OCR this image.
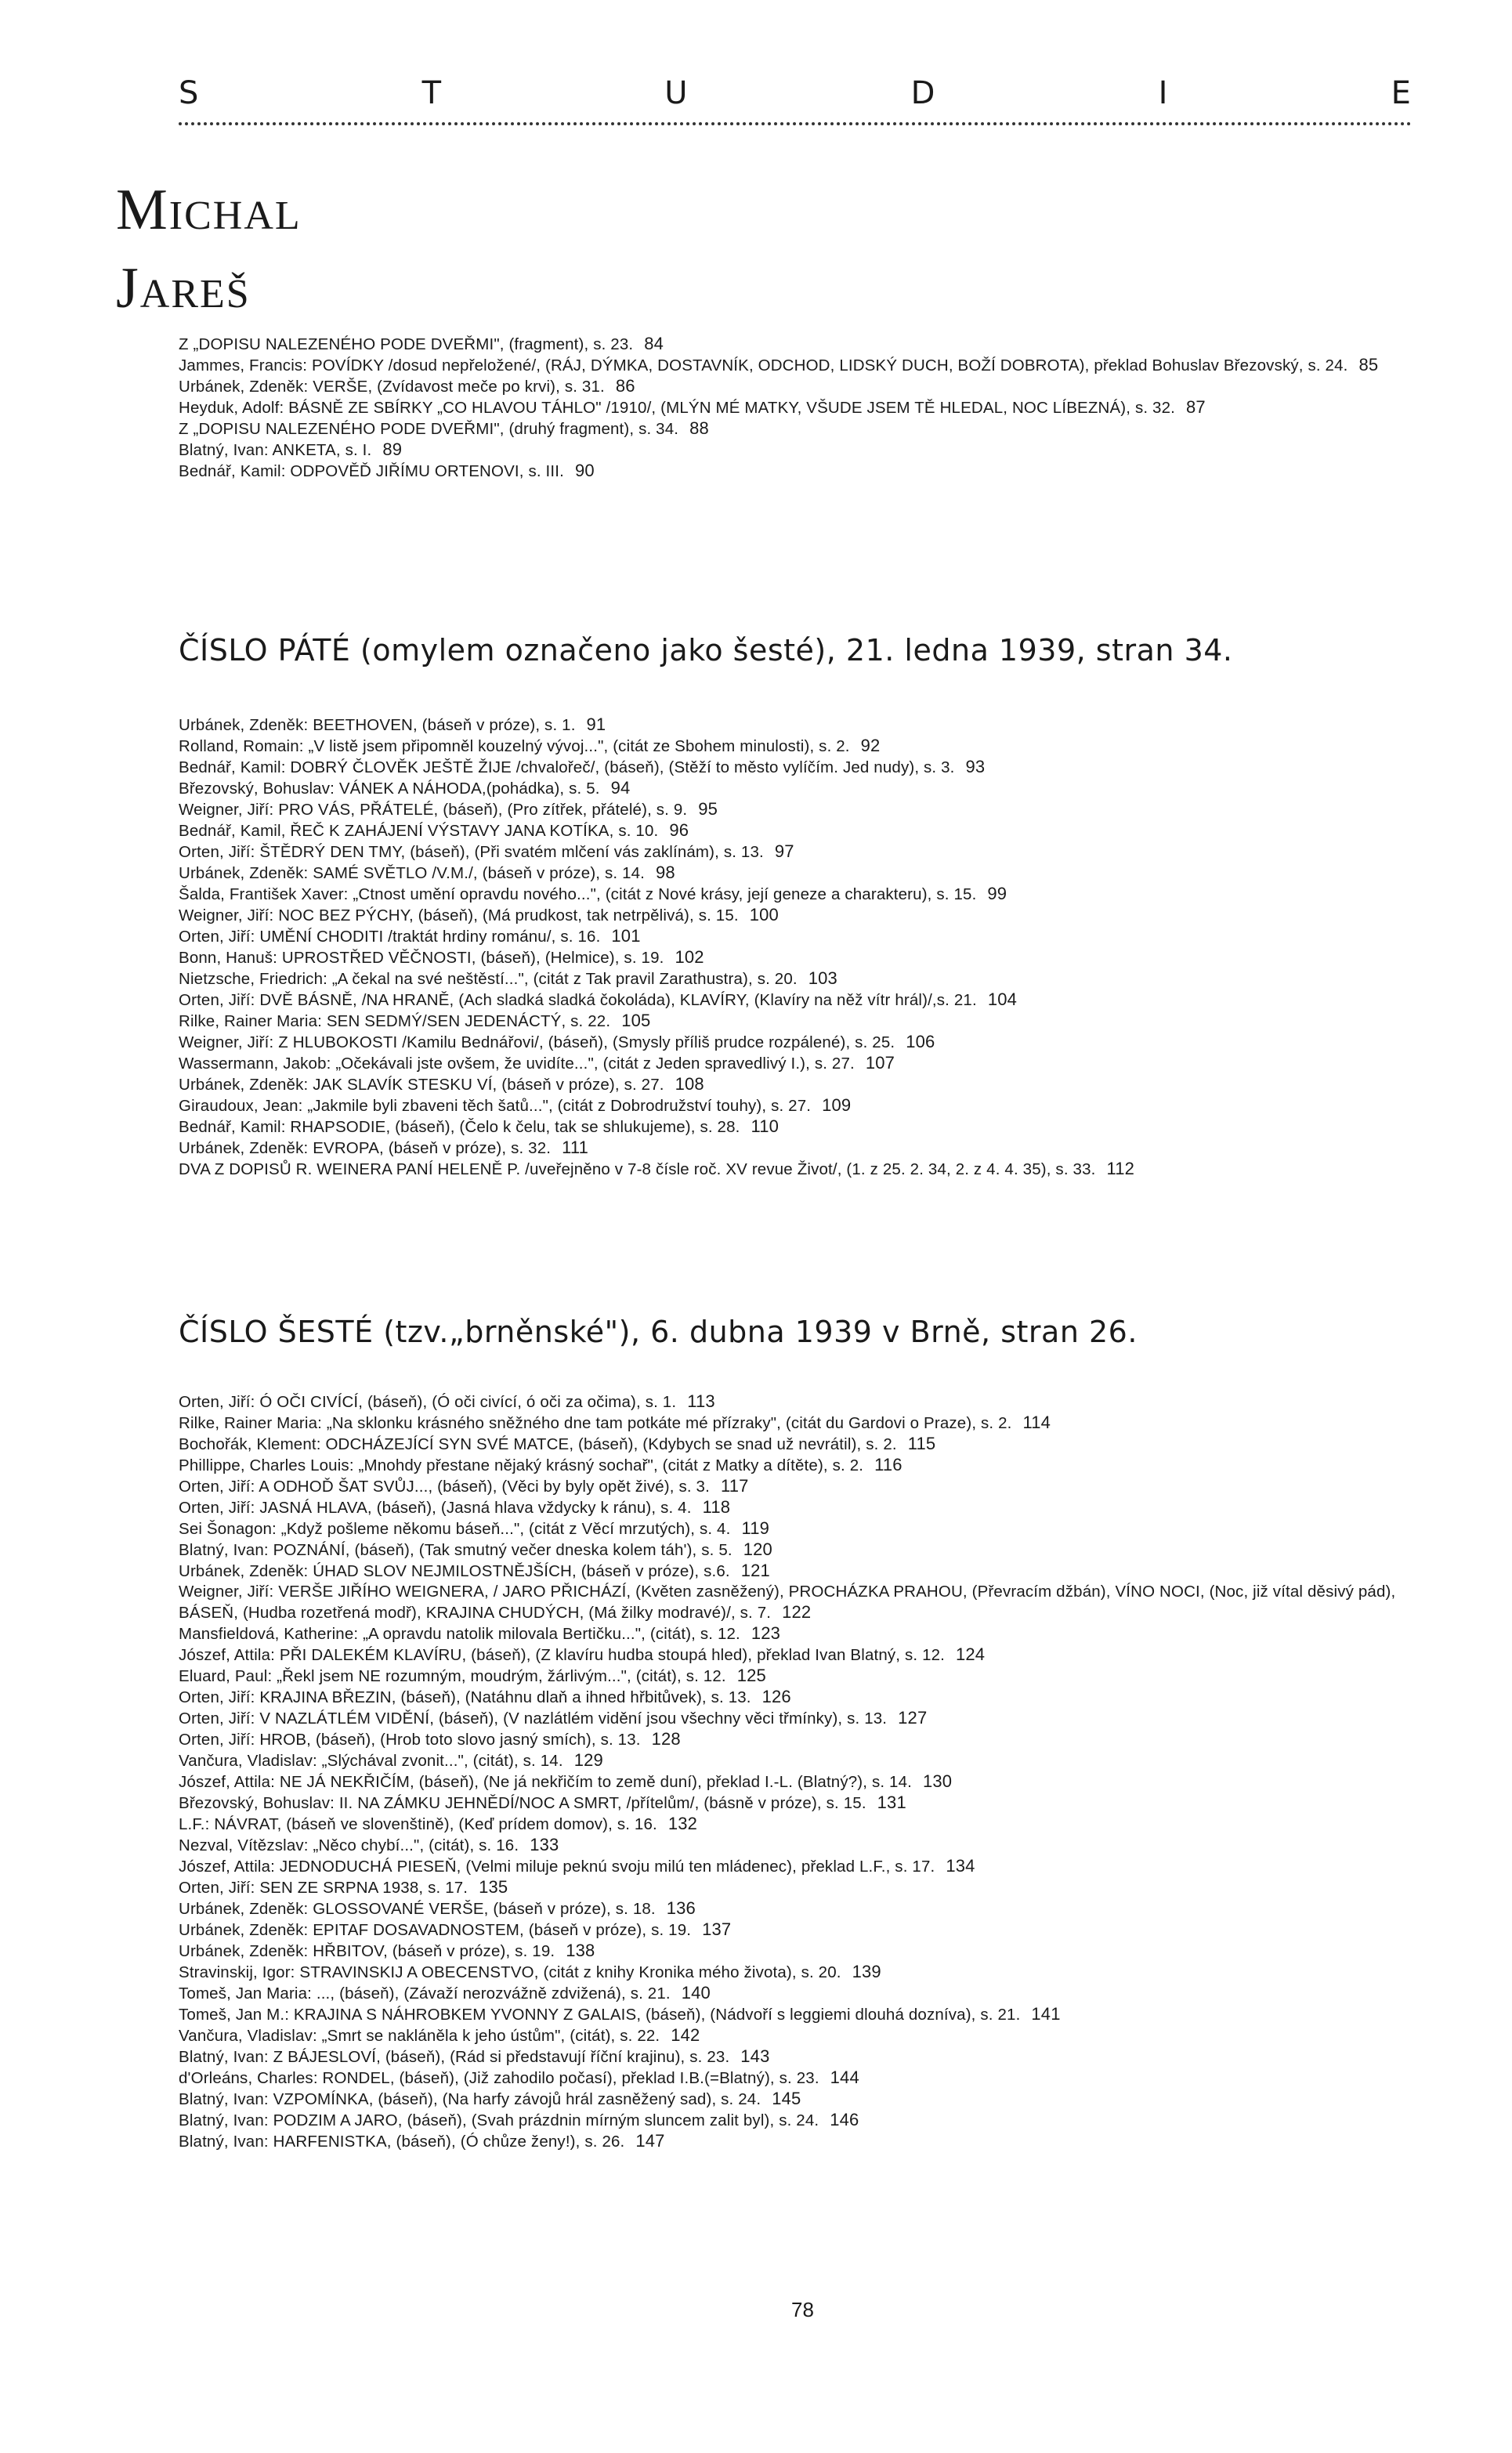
S	T	U	D	I	E
Michal
Jareš
Z „DOPISU NALEZENÉHO PODE DVEŘMI", (fragment), s. 23. 84
Jammes, Francis: POVÍDKY /dosud nepřeložené/, (RÁJ, DÝMKA, DOSTAVNÍK, ODCHOD, LIDSKÝ DUCH, BOŽÍ DOBROTA), překlad Bohuslav Březovský, s. 24. 85
Urbánek, Zdeněk: VERŠE, (Zvídavost meče po krvi), s. 31. 86
Heyduk, Adolf: BÁSNĚ ZE SBÍRKY „CO HLAVOU TÁHLO" /1910/, (MLÝN MÉ MATKY, VŠUDE JSEM TĚ HLEDAL, NOC LÍBEZNÁ), s. 32. 87
Z „DOPISU NALEZENÉHO PODE DVEŘMI", (druhý fragment), s. 34. 88
Blatný, Ivan: ANKETA, s. I. 89
Bednář, Kamil: ODPOVĚĎ JIŘÍMU ORTENOVI, s. III. 90
ČÍSLO PÁTÉ (omylem označeno jako šesté), 21. ledna 1939, stran 34.
Urbánek, Zdeněk: BEETHOVEN, (báseň v próze), s. 1. 91
Rolland, Romain: „V listě jsem připomněl kouzelný vývoj...", (citát ze Sbohem minulosti), s. 2. 92
Bednář, Kamil: DOBRÝ ČLOVĚK JEŠTĚ ŽIJE /chvalořeč/, (báseň), (Stěží to město vylíčím. Jed nudy), s. 3. 93
Březovský, Bohuslav: VÁNEK A NÁHODA,(pohádka), s. 5. 94
Weigner, Jiří: PRO VÁS, PŘÁTELÉ, (báseň), (Pro zítřek, přátelé), s. 9. 95
Bednář, Kamil, ŘEČ K ZAHÁJENÍ VÝSTAVY JANA KOTÍKA, s. 10. 96
Orten, Jiří: ŠTĚDRÝ DEN TMY, (báseň), (Při svatém mlčení vás zaklínám), s. 13. 97
Urbánek, Zdeněk: SAMÉ SVĚTLO /V.M./, (báseň v próze), s. 14. 98
Šalda, František Xaver: „Ctnost umění opravdu nového...", (citát z Nové krásy, její geneze a charakteru), s. 15. 99
Weigner, Jiří: NOC BEZ PÝCHY, (báseň), (Má prudkost, tak netrpělivá), s. 15. 100
Orten, Jiří: UMĚNÍ CHODITI /traktát hrdiny románu/, s. 16. 101
Bonn, Hanuš: UPROSTŘED VĚČNOSTI, (báseň), (Helmice), s. 19. 102
Nietzsche, Friedrich: „A čekal na své neštěstí...", (citát z Tak pravil Zarathustra), s. 20. 103
Orten, Jiří: DVĚ BÁSNĚ, /NA HRANĚ, (Ach sladká sladká čokoláda), KLAVÍRY, (Klavíry na něž vítr hrál)/,s. 21. 104
Rilke, Rainer Maria: SEN SEDMÝ/SEN JEDENÁCTÝ, s. 22. 105
Weigner, Jiří: Z HLUBOKOSTI /Kamilu Bednářovi/, (báseň), (Smysly příliš prudce rozpálené), s. 25. 106
Wassermann, Jakob: „Očekávali jste ovšem, že uvidíte...", (citát z Jeden spravedlivý I.), s. 27. 107
Urbánek, Zdeněk: JAK SLAVÍK STESKU VÍ, (báseň v próze), s. 27. 108
Giraudoux, Jean: „Jakmile byli zbaveni těch šatů...", (citát z Dobrodružství touhy), s. 27. 109
Bednář, Kamil: RHAPSODIE, (báseň), (Čelo k čelu, tak se shlukujeme), s. 28. 110
Urbánek, Zdeněk: EVROPA, (báseň v próze), s. 32. 111
DVA Z DOPISŮ R. WEINERA PANÍ HELENĚ P. /uveřejněno v 7-8 čísle roč. XV revue Život/, (1. z 25. 2. 34, 2. z 4. 4. 35), s. 33. 112
ČÍSLO ŠESTÉ (tzv.„brněnské"), 6. dubna 1939 v Brně, stran 26.
Orten, Jiří: Ó OČI CIVÍCÍ, (báseň), (Ó oči civící, ó oči za očima), s. 1. 113
Rilke, Rainer Maria: „Na sklonku krásného sněžného dne tam potkáte mé přízraky", (citát du Gardovi o Praze), s. 2. 114
Bochořák, Klement: ODCHÁZEJÍCÍ SYN SVÉ MATCE, (báseň), (Kdybych se snad už nevrátil), s. 2. 115
Phillippe, Charles Louis: „Mnohdy přestane nějaký krásný sochař", (citát z Matky a dítěte), s. 2. 116
Orten, Jiří: A ODHOĎ ŠAT SVŮJ..., (báseň), (Věci by byly opět živé), s. 3. 117
Orten, Jiří: JASNÁ HLAVA, (báseň), (Jasná hlava vždycky k ránu), s. 4. 118
Sei Šonagon: „Když pošleme někomu báseň...", (citát z Věcí mrzutých), s. 4. 119
Blatný, Ivan: POZNÁNÍ, (báseň), (Tak smutný večer dneska kolem táh'), s. 5. 120
Urbánek, Zdeněk: ÚHAD SLOV NEJMILOSTNĚJŠÍCH, (báseň v próze), s.6. 121
Weigner, Jiří: VERŠE JIŘÍHO WEIGNERA, / JARO PŘICHÁZÍ, (Květen zasněžený), PROCHÁZKA PRAHOU, (Převracím džbán), VÍNO NOCI, (Noc, již vítal děsivý pád), BÁSEŇ, (Hudba rozetřená modř), KRAJINA CHUDÝCH, (Má žilky modravé)/, s. 7. 122
Mansfieldová, Katherine: „A opravdu natolik milovala Bertičku...", (citát), s. 12. 123
Jószef, Attila: PŘI DALEKÉM KLAVÍRU, (báseň), (Z klavíru hudba stoupá hled), překlad Ivan Blatný, s. 12. 124
Eluard, Paul: „Řekl jsem NE rozumným, moudrým, žárlivým...", (citát), s. 12. 125
Orten, Jiří: KRAJINA BŘEZIN, (báseň), (Natáhnu dlaň a ihned hřbitůvek), s. 13. 126
Orten, Jiří: V NAZLÁTLÉM VIDĚNÍ, (báseň), (V nazlátlém vidění jsou všechny věci třmínky), s. 13. 127
Orten, Jiří: HROB, (báseň), (Hrob toto slovo jasný smích), s. 13. 128
Vančura, Vladislav: „Slýchával zvonit...", (citát), s. 14. 129
Jószef, Attila: NE JÁ NEKŘIČÍM, (báseň), (Ne já nekřičím to země duní), překlad I.-L. (Blatný?), s. 14. 130
Březovský, Bohuslav: II. NA ZÁMKU JEHNĚDÍ/NOC A SMRT, /přítelům/, (básně v próze), s. 15. 131
L.F.: NÁVRAT, (báseň ve slovenštině), (Keď prídem domov), s. 16. 132
Nezval, Vítězslav: „Něco chybí...", (citát), s. 16. 133
Jószef, Attila: JEDNODUCHÁ PIESEŇ, (Velmi miluje peknú svoju milú ten mládenec), překlad L.F., s. 17. 134
Orten, Jiří: SEN ZE SRPNA 1938, s. 17. 135
Urbánek, Zdeněk: GLOSSOVANÉ VERŠE, (báseň v próze), s. 18. 136
Urbánek, Zdeněk: EPITAF DOSAVADNOSTEM, (báseň v próze), s. 19. 137
Urbánek, Zdeněk: HŘBITOV, (báseň v próze), s. 19. 138
Stravinskij, Igor: STRAVINSKIJ A OBECENSTVO, (citát z knihy Kronika mého života), s. 20. 139
Tomeš, Jan Maria: ..., (báseň), (Závaží nerozvážně zdvižená), s. 21. 140
Tomeš, Jan M.: KRAJINA S NÁHROBKEM YVONNY Z GALAIS, (báseň), (Nádvoří s leggiemi dlouhá dozníva), s. 21. 141
Vančura, Vladislav: „Smrt se nakláněla k jeho ústům", (citát), s. 22. 142
Blatný, Ivan: Z BÁJESLOVÍ, (báseň), (Rád si představují říční krajinu), s. 23. 143
d'Orleáns, Charles: RONDEL, (báseň), (Již zahodilo počasí), překlad I.B.(=Blatný), s. 23. 144
Blatný, Ivan: VZPOMÍNKA, (báseň), (Na harfy závojů hrál zasněžený sad), s. 24. 145
Blatný, Ivan: PODZIM A JARO, (báseň), (Svah prázdnin mírným sluncem zalit byl), s. 24. 146
Blatný, Ivan: HARFENISTKA, (báseň), (Ó chůze ženy!), s. 26. 147
78
